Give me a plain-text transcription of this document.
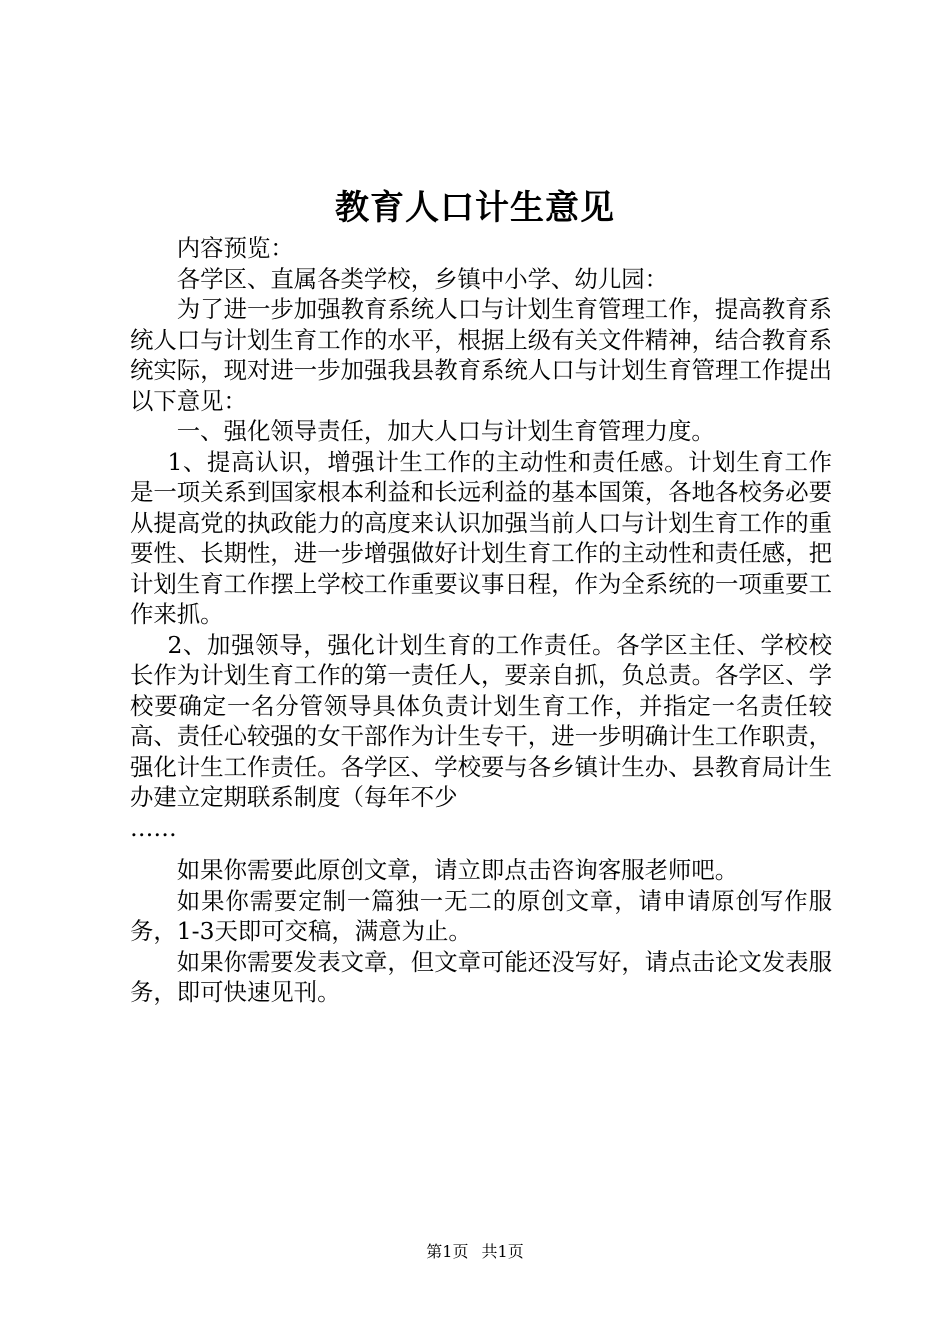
教育人口计生意见

内容预览：

各学区、直属各类学校，乡镇中小学、幼儿园：

为了进一步加强教育系统人口与计划生育管理工作，提高教育系统人口与计划生育工作的水平，根据上级有关文件精神，结合教育系统实际，现对进一步加强我县教育系统人口与计划生育管理工作提出以下意见：

一、强化领导责任，加大人口与计划生育管理力度。

1、提高认识，增强计生工作的主动性和责任感。计划生育工作是一项关系到国家根本利益和长远利益的基本国策，各地各校务必要从提高党的执政能力的高度来认识加强当前人口与计划生育工作的重要性、长期性，进一步增强做好计划生育工作的主动性和责任感，把计划生育工作摆上学校工作重要议事日程，作为全系统的一项重要工作来抓。

2、加强领导，强化计划生育的工作责任。各学区主任、学校校长作为计划生育工作的第一责任人，要亲自抓，负总责。各学区、学校要确定一名分管领导具体负责计划生育工作，并指定一名责任较高、责任心较强的女干部作为计生专干，进一步明确计生工作职责，强化计生工作责任。各学区、学校要与各乡镇计生办、县教育局计生办建立定期联系制度（每年不少

……

如果你需要此原创文章，请立即点击咨询客服老师吧。

如果你需要定制一篇独一无二的原创文章，请申请原创写作服务，1-3天即可交稿，满意为止。

如果你需要发表文章，但文章可能还没写好，请点击论文发表服务，即可快速见刊。

第1页 共1页
